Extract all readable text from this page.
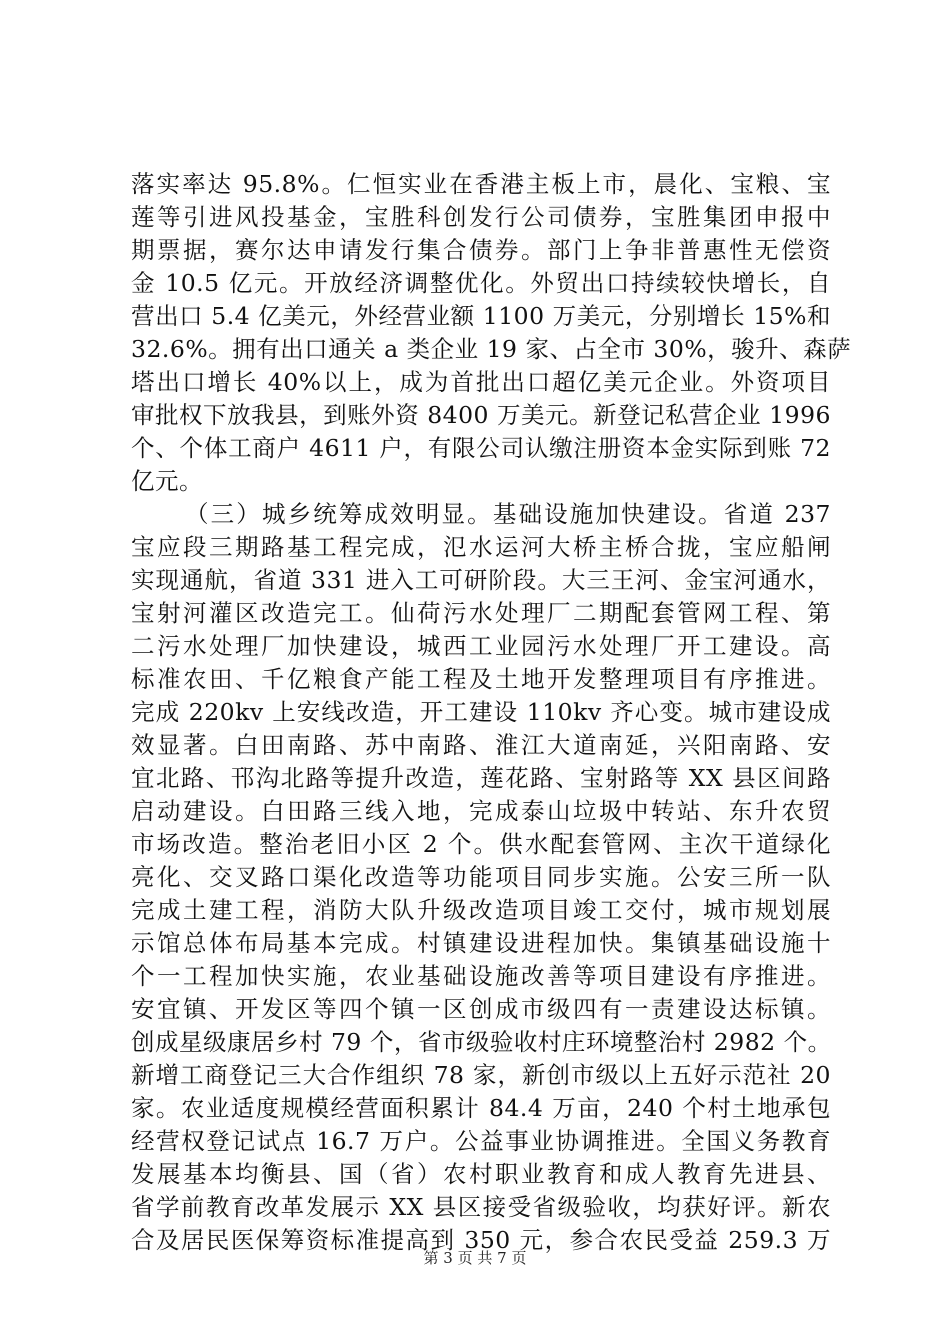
落实率达 95.8%。仁恒实业在香港主板上市，晨化、宝粮、宝
莲等引进风投基金，宝胜科创发行公司债券，宝胜集团申报中
期票据，赛尔达申请发行集合债券。部门上争非普惠性无偿资
金 10.5 亿元。开放经济调整优化。外贸出口持续较快增长，自
营出口 5.4 亿美元，外经营业额 1100 万美元，分别增长 15%和
32.6%。拥有出口通关 a 类企业 19 家、占全市 30%，骏升、森萨
塔出口增长 40%以上，成为首批出口超亿美元企业。外资项目
审批权下放我县，到账外资 8400 万美元。新登记私营企业 1996
个、个体工商户 4611 户，有限公司认缴注册资本金实际到账 72
亿元。
（三）城乡统筹成效明显。基础设施加快建设。省道 237
宝应段三期路基工程完成，氾水运河大桥主桥合拢，宝应船闸
实现通航，省道 331 进入工可研阶段。大三王河、金宝河通水，
宝射河灌区改造完工。仙荷污水处理厂二期配套管网工程、第
二污水处理厂加快建设，城西工业园污水处理厂开工建设。高
标准农田、千亿粮食产能工程及土地开发整理项目有序推进。
完成 220kv 上安线改造，开工建设 110kv 齐心变。城市建设成
效显著。白田南路、苏中南路、淮江大道南延，兴阳南路、安
宜北路、邗沟北路等提升改造，莲花路、宝射路等 XX 县区间路
启动建设。白田路三线入地，完成泰山垃圾中转站、东升农贸
市场改造。整治老旧小区 2 个。供水配套管网、主次干道绿化
亮化、交叉路口渠化改造等功能项目同步实施。公安三所一队
完成土建工程，消防大队升级改造项目竣工交付，城市规划展
示馆总体布局基本完成。村镇建设进程加快。集镇基础设施十
个一工程加快实施，农业基础设施改善等项目建设有序推进。
安宜镇、开发区等四个镇一区创成市级四有一责建设达标镇。
创成星级康居乡村 79 个，省市级验收村庄环境整治村 2982 个。
新增工商登记三大合作组织 78 家，新创市级以上五好示范社 20
家。农业适度规模经营面积累计 84.4 万亩，240 个村土地承包
经营权登记试点 16.7 万户。公益事业协调推进。全国义务教育
发展基本均衡县、国（省）农村职业教育和成人教育先进县、
省学前教育改革发展示 XX 县区接受省级验收，均获好评。新农
合及居民医保筹资标准提高到 350 元，参合农民受益 259.3 万
第 3 页 共 7 页
